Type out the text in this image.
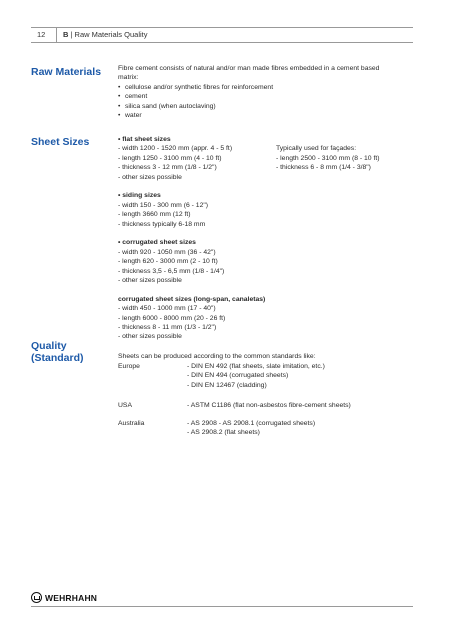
12 B | Raw Materials Quality
Raw Materials Fibre cement consists of natural and/or man made fibres embedded in a cement based

matrix:

• cellulose and/or synthetic fibres for reinforcement

• cement

• silica sand (when autoclaving)

• water

Sheet Sizes	• flat sheet sizes

- width 1200 - 1520 mm (appr. 4 - 5 ft)

- length 1250 - 3100 mm (4 - 10 ft)

- thickness 3 - 12 mm (1/8 - 1/2")

- other sizes possible

• siding sizes

- width 150 - 300 mm (6 - 12")

- length 3660 mm (12 ft)

- thickness typically 6-18 mm

• corrugated sheet sizes

- width 920 - 1050 mm (36 - 42")

- length 620 - 3000 mm (2 - 10 ft)

- thickness 3,5 - 6,5 mm (1/8 - 1/4")

- other sizes possible

corrugated sheet sizes (long-span, canaletas)

- width 450 - 1000 mm (17 - 40")

- length 6000 - 8000 mm (20 - 26 ft)

- thickness 8 - 11 mm (1/3 - 1/2")

- other sizes possible

Typically used for façades:

- length 2500 - 3100 mm (8 - 10 ft)

- thickness 6 - 8 mm (1/4 - 3/8")

Quality
(Standard)	Sheets can be produced according to the common standards like:
Europe	- DIN EN 492 (flat sheets, slate imitation, etc.)

- DIN EN 494 (corrugated sheets)

- DIN EN 12467 (cladding)

USA	- ASTM C1186 (flat non-asbestos fibre-cement sheets)

Australia	- AS 2908 - AS 2908.1 (corrugated sheets)

- AS 2908.2 (flat sheets)

WEHRHAHN
